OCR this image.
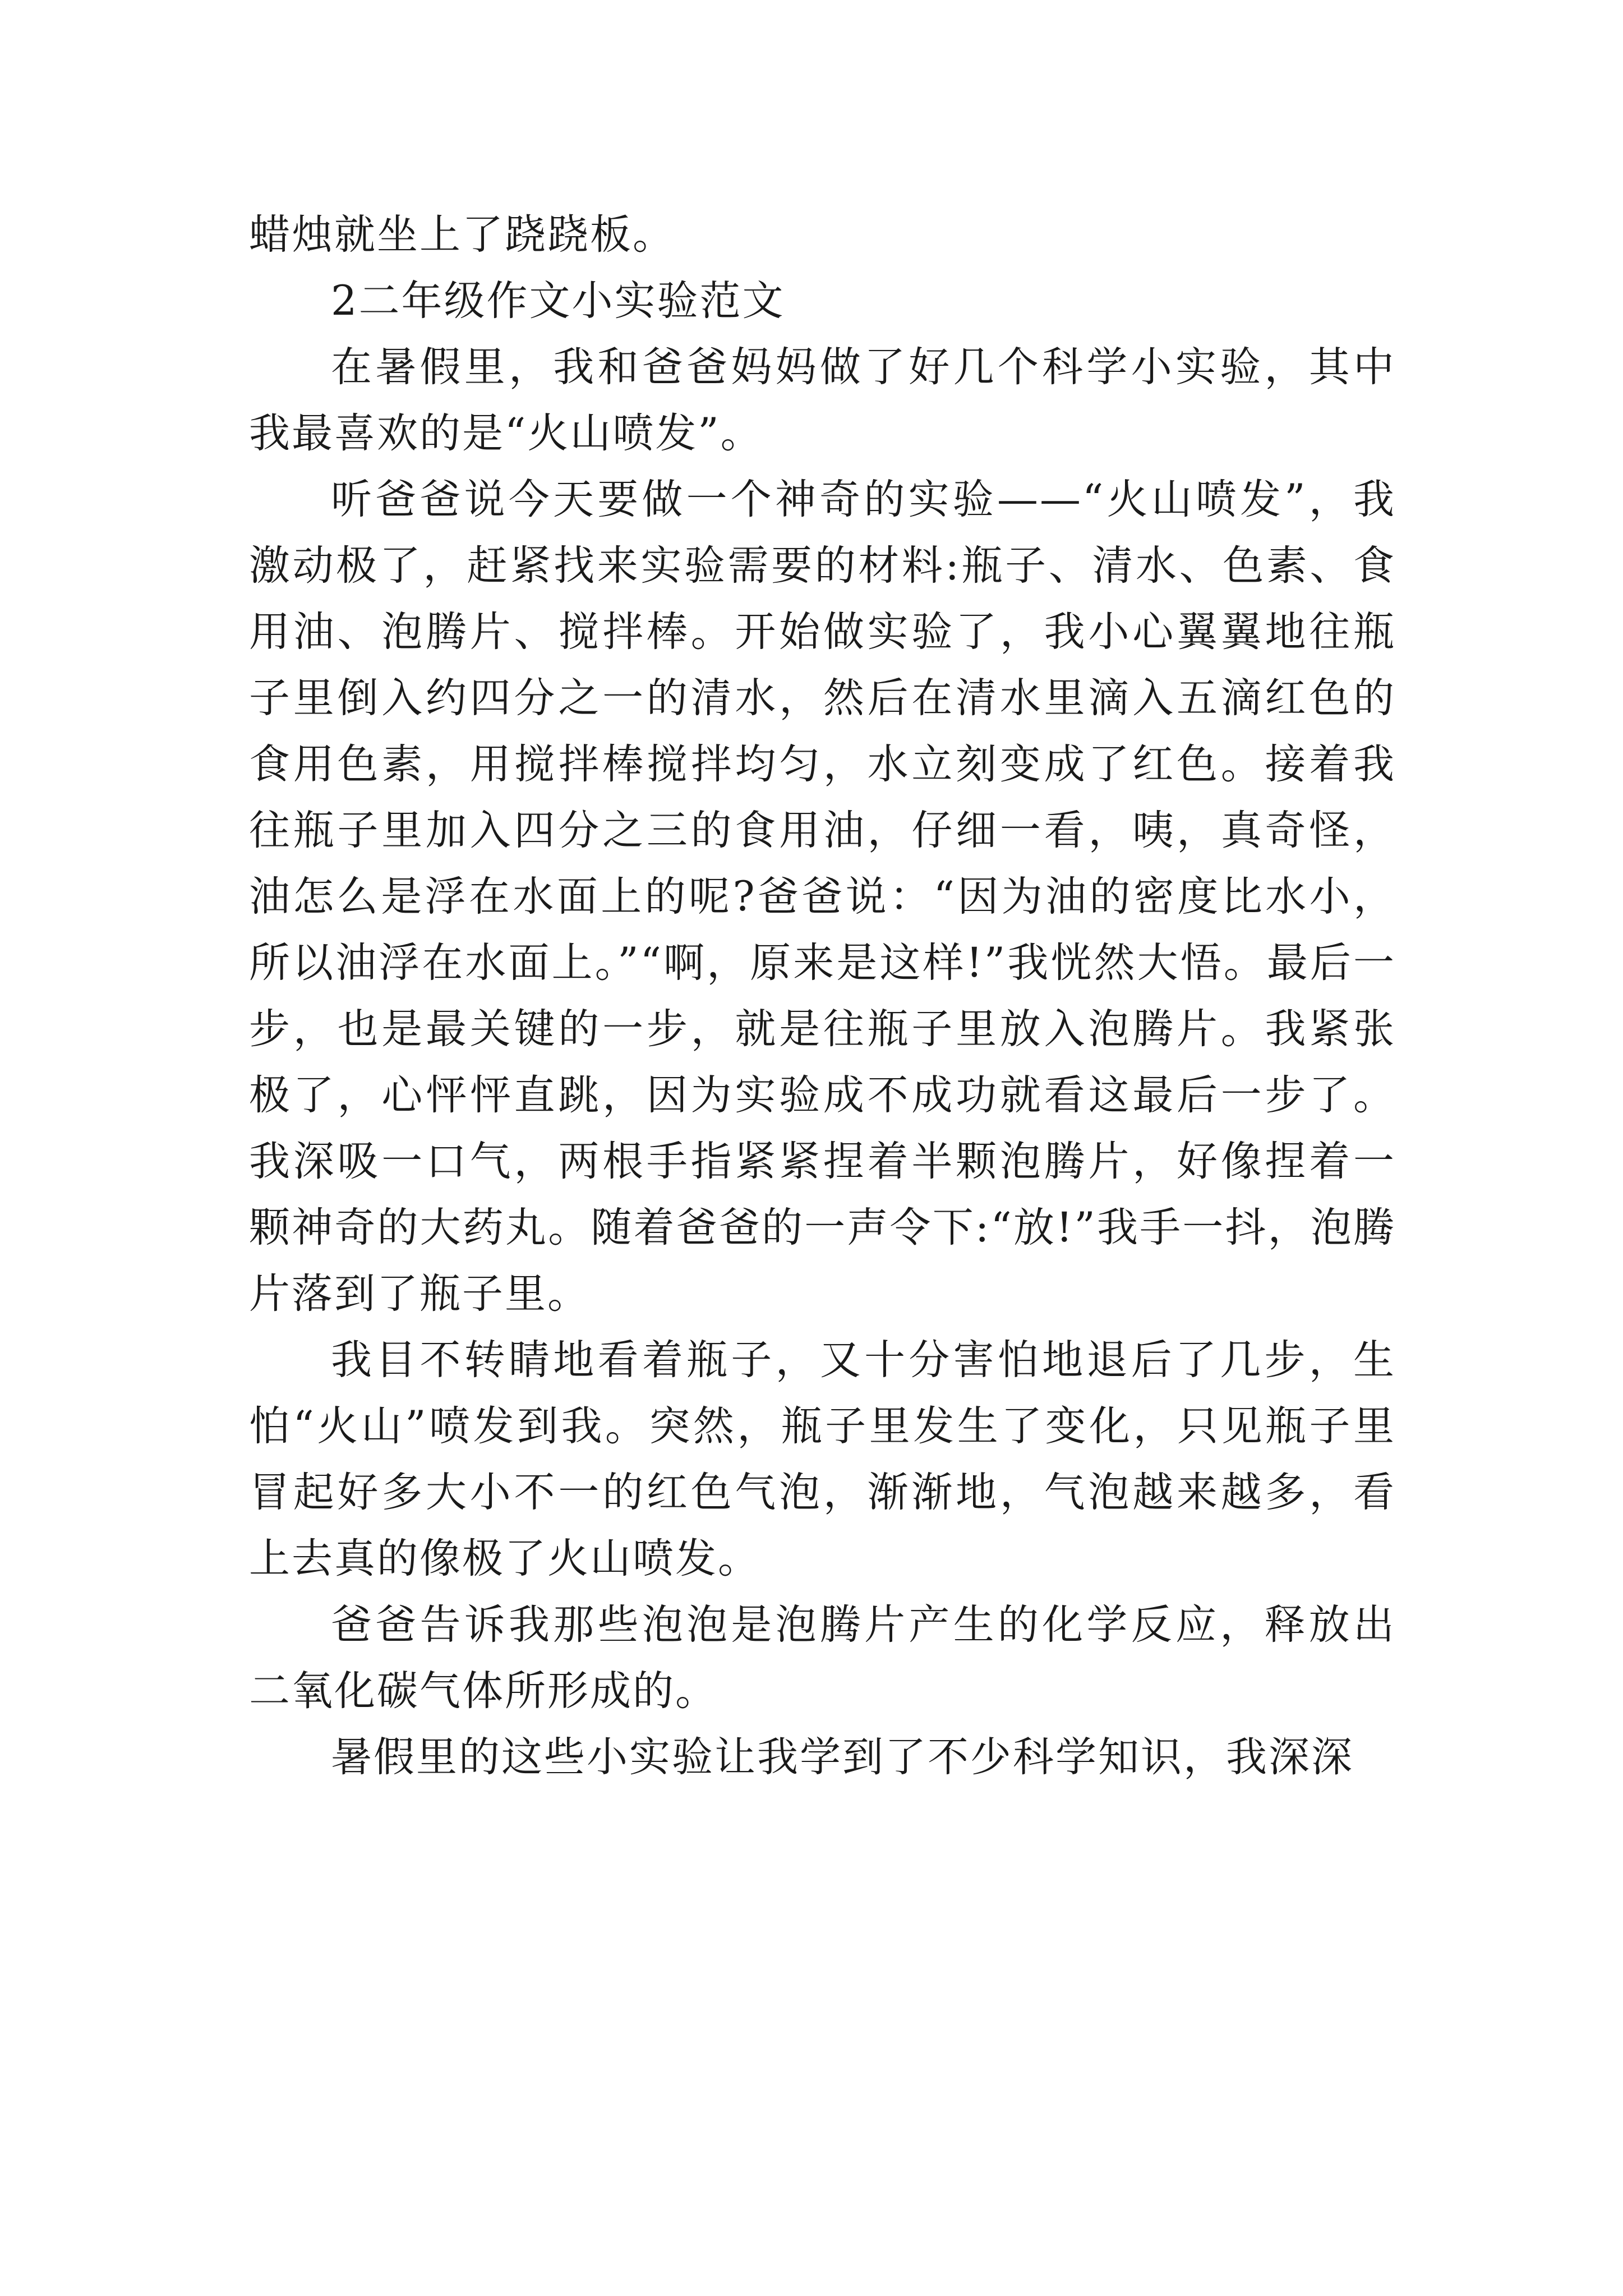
蜡烛就坐上了跷跷板。

2二年级作文小实验范文

在暑假里，我和爸爸妈妈做了好几个科学小实验，其中我最喜欢的是“火山喷发”。

听爸爸说今天要做一个神奇的实验——“火山喷发”，我激动极了，赶紧找来实验需要的材料:瓶子、清水、色素、食用油、泡腾片、搅拌棒。开始做实验了，我小心翼翼地往瓶子里倒入约四分之一的清水，然后在清水里滴入五滴红色的食用色素，用搅拌棒搅拌均匀，水立刻变成了红色。接着我往瓶子里加入四分之三的食用油，仔细一看，咦，真奇怪，油怎么是浮在水面上的呢?爸爸说：“因为油的密度比水小，所以油浮在水面上。”“啊，原来是这样!”我恍然大悟。最后一步，也是最关键的一步，就是往瓶子里放入泡腾片。我紧张极了，心怦怦直跳，因为实验成不成功就看这最后一步了。我深吸一口气，两根手指紧紧捏着半颗泡腾片，好像捏着一颗神奇的大药丸。随着爸爸的一声令下:“放!”我手一抖，泡腾片落到了瓶子里。

我目不转睛地看着瓶子，又十分害怕地退后了几步，生怕“火山”喷发到我。突然，瓶子里发生了变化，只见瓶子里冒起好多大小不一的红色气泡，渐渐地，气泡越来越多，看上去真的像极了火山喷发。

爸爸告诉我那些泡泡是泡腾片产生的化学反应，释放出二氧化碳气体所形成的。

暑假里的这些小实验让我学到了不少科学知识，我深深
